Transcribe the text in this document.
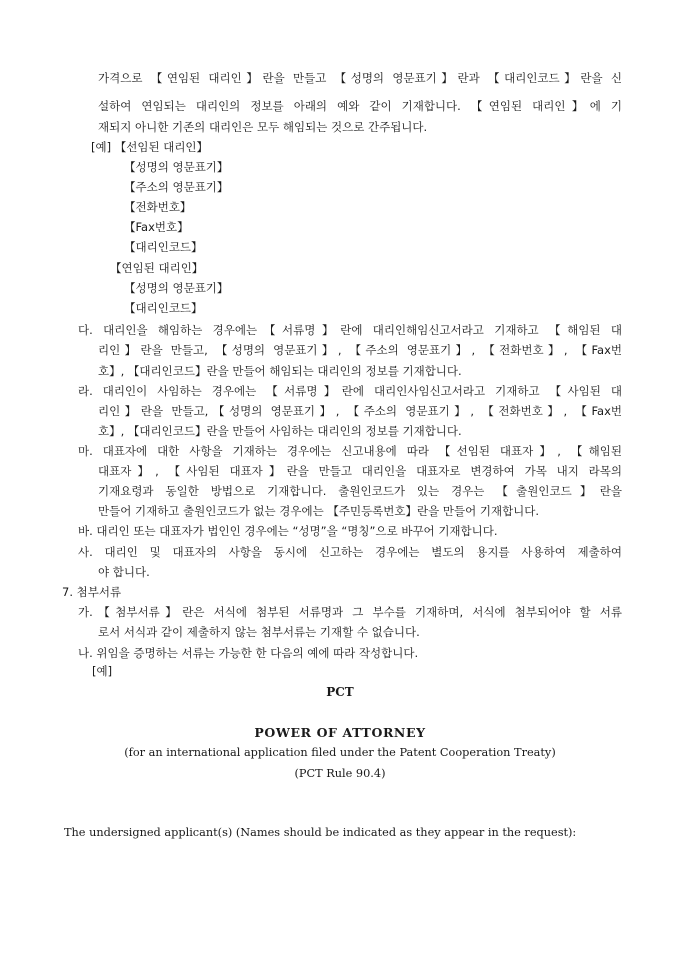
가격으로 【연임된 대리인】란을 만들고 【성명의 영문표기】란과 【대리인코드】란을 신
설하여 연임되는 대리인의 정보를 아래의 예와 같이 기재합니다. 【연임된 대리인】에 기
재되지 아니한 기존의 대리인은 모두 해임되는 것으로 간주됩니다.
[예] 【선임된 대리인】
【성명의 영문표기】
【주소의 영문표기】
【전화번호】
【Fax번호】
【대리인코드】
【연임된 대리인】
【성명의 영문표기】
【대리인코드】
다. 대리인을 해임하는 경우에는【서류명】란에 대리인해임신고서라고 기재하고 【해임된 대
리인】란을 만들고, 【성명의 영문표기】, 【주소의 영문표기】, 【전화번호】, 【Fax번
호】, 【대리인코드】란을 만들어 해임되는 대리인의 정보를 기재합니다.
라. 대리인이 사임하는 경우에는 【서류명】란에 대리인사임신고서라고 기재하고 【사임된 대
리인】란을 만들고,【성명의 영문표기】, 【주소의 영문표기】, 【전화번호】, 【Fax번
호】, 【대리인코드】란을 만들어 사임하는 대리인의 정보를 기재합니다.
마. 대표자에 대한 사항을 기재하는 경우에는 신고내용에 따라 【선임된 대표자】, 【해임된
대표자】, 【사임된 대표자】란을 만들고 대리인을 대표자로 변경하여 가목 내지 라목의
기재요령과 동일한 방법으로 기재합니다. 출원인코드가 있는 경우는 【출원인코드】란을
만들어 기재하고 출원인코드가 없는 경우에는 【주민등록번호】란을 만들어 기재합니다.
바. 대리인 또는 대표자가 법인인 경우에는 “성명”을 “명칭”으로 바꾸어 기재합니다.
사. 대리인 및 대표자의 사항을 동시에 신고하는 경우에는 별도의 용지를 사용하여 제출하여
야 합니다.
7. 첨부서류
가.【첨부서류】란은 서식에 첨부된 서류명과 그 부수를 기재하며, 서식에 첨부되어야 할 서류
로서 서식과 같이 제출하지 않는 첨부서류는 기재할 수 없습니다.
나. 위임을 증명하는 서류는 가능한 한 다음의 예에 따라 작성합니다.
[예]
PCT
POWER OF ATTORNEY
(for an international application filed under the Patent Cooperation Treaty)
(PCT Rule 90.4)
The undersigned applicant(s) (Names should be indicated as they appear in the request):
